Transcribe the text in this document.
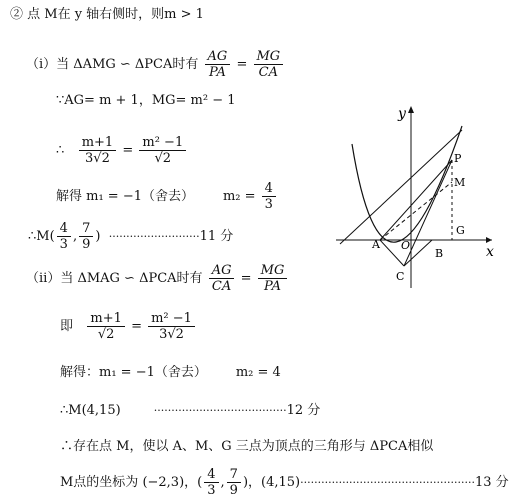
② 点 M在 y 轴右侧时，则m > 1
（ⅰ）当 ΔAMG ∽ ΔPCA时有 $\frac{AG}{PA} = \frac{MG}{CA}$
∵AG= m + 1，MG= m² − 1
∴ $\frac{m+1}{3√2} = \frac{\text{m² −1}}{√2}$
解得 m₁ = −1（舍去） $m_2 = \frac{4}{3}$
∴M( $\frac{4}{3}$ , $\frac{7}{9}$ ) ··························11 分
（ⅱ）当 ΔMAG ∽ ΔPCA时有 $\frac{AG}{CA} = \frac{MG}{PA}$
即 $\frac{m+1}{√2} = \frac{\text{m² −1}}{3√2}$
解得：m₁ = −1（舍去） m₂ = 4
∴M(4,15)	······································12 分
∴存在点 M，使以 A、M、G 三点为顶点的三角形与 ΔPCA相似
M点的坐标为 (−2,3)，( $\frac{4}{3}$ , $\frac{7}{9}$ )，(4,15)··················································13 分
y
x
P
M
G
A O
B
C
